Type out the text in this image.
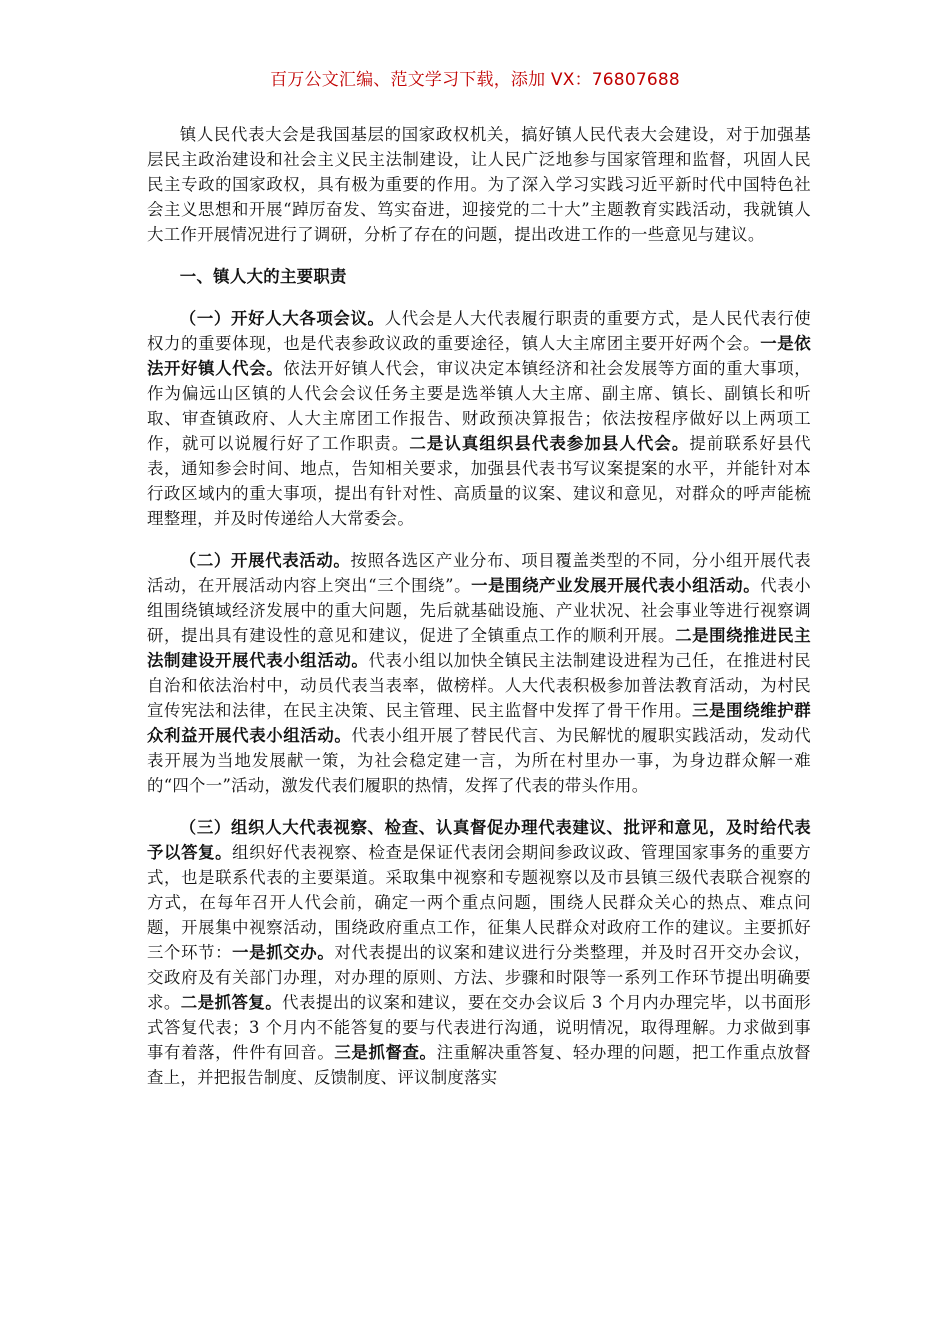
百万公文汇编、范文学习下载，添加 VX：76807688

镇人民代表大会是我国基层的国家政权机关，搞好镇人民代表大会建设，对于加强基层民主政治建设和社会主义民主法制建设，让人民广泛地参与国家管理和监督，巩固人民民主专政的国家政权，具有极为重要的作用。为了深入学习实践习近平新时代中国特色社会主义思想和开展“踔厉奋发、笃实奋进，迎接党的二十大”主题教育实践活动，我就镇人大工作开展情况进行了调研，分析了存在的问题，提出改进工作的一些意见与建议。

一、镇人大的主要职责

（一）开好人大各项会议。人代会是人大代表履行职责的重要方式，是人民代表行使权力的重要体现，也是代表参政议政的重要途径，镇人大主席团主要开好两个会。一是依法开好镇人代会。依法开好镇人代会，审议决定本镇经济和社会发展等方面的重大事项，作为偏远山区镇的人代会会议任务主要是选举镇人大主席、副主席、镇长、副镇长和听取、审查镇政府、人大主席团工作报告、财政预决算报告；依法按程序做好以上两项工作，就可以说履行好了工作职责。二是认真组织县代表参加县人代会。提前联系好县代表，通知参会时间、地点，告知相关要求，加强县代表书写议案提案的水平，并能针对本行政区域内的重大事项，提出有针对性、高质量的议案、建议和意见，对群众的呼声能梳理整理，并及时传递给人大常委会。

（二）开展代表活动。按照各选区产业分布、项目覆盖类型的不同，分小组开展代表活动，在开展活动内容上突出“三个围绕”。一是围绕产业发展开展代表小组活动。代表小组围绕镇域经济发展中的重大问题，先后就基础设施、产业状况、社会事业等进行视察调研，提出具有建设性的意见和建议，促进了全镇重点工作的顺利开展。二是围绕推进民主法制建设开展代表小组活动。代表小组以加快全镇民主法制建设进程为己任，在推进村民自治和依法治村中，动员代表当表率，做榜样。人大代表积极参加普法教育活动，为村民宣传宪法和法律，在民主决策、民主管理、民主监督中发挥了骨干作用。三是围绕维护群众利益开展代表小组活动。代表小组开展了替民代言、为民解忧的履职实践活动，发动代表开展为当地发展献一策，为社会稳定建一言，为所在村里办一事，为身边群众解一难的“四个一”活动，激发代表们履职的热情，发挥了代表的带头作用。

（三）组织人大代表视察、检查、认真督促办理代表建议、批评和意见，及时给代表予以答复。组织好代表视察、检查是保证代表闭会期间参政议政、管理国家事务的重要方式，也是联系代表的主要渠道。采取集中视察和专题视察以及市县镇三级代表联合视察的方式，在每年召开人代会前，确定一两个重点问题，围绕人民群众关心的热点、难点问题，开展集中视察活动，围绕政府重点工作，征集人民群众对政府工作的建议。主要抓好三个环节：一是抓交办。对代表提出的议案和建议进行分类整理，并及时召开交办会议，交政府及有关部门办理，对办理的原则、方法、步骤和时限等一系列工作环节提出明确要求。二是抓答复。代表提出的议案和建议，要在交办会议后 3 个月内办理完毕，以书面形式答复代表；3 个月内不能答复的要与代表进行沟通，说明情况，取得理解。力求做到事事有着落，件件有回音。三是抓督查。注重解决重答复、轻办理的问题，把工作重点放督查上，并把报告制度、反馈制度、评议制度落实
